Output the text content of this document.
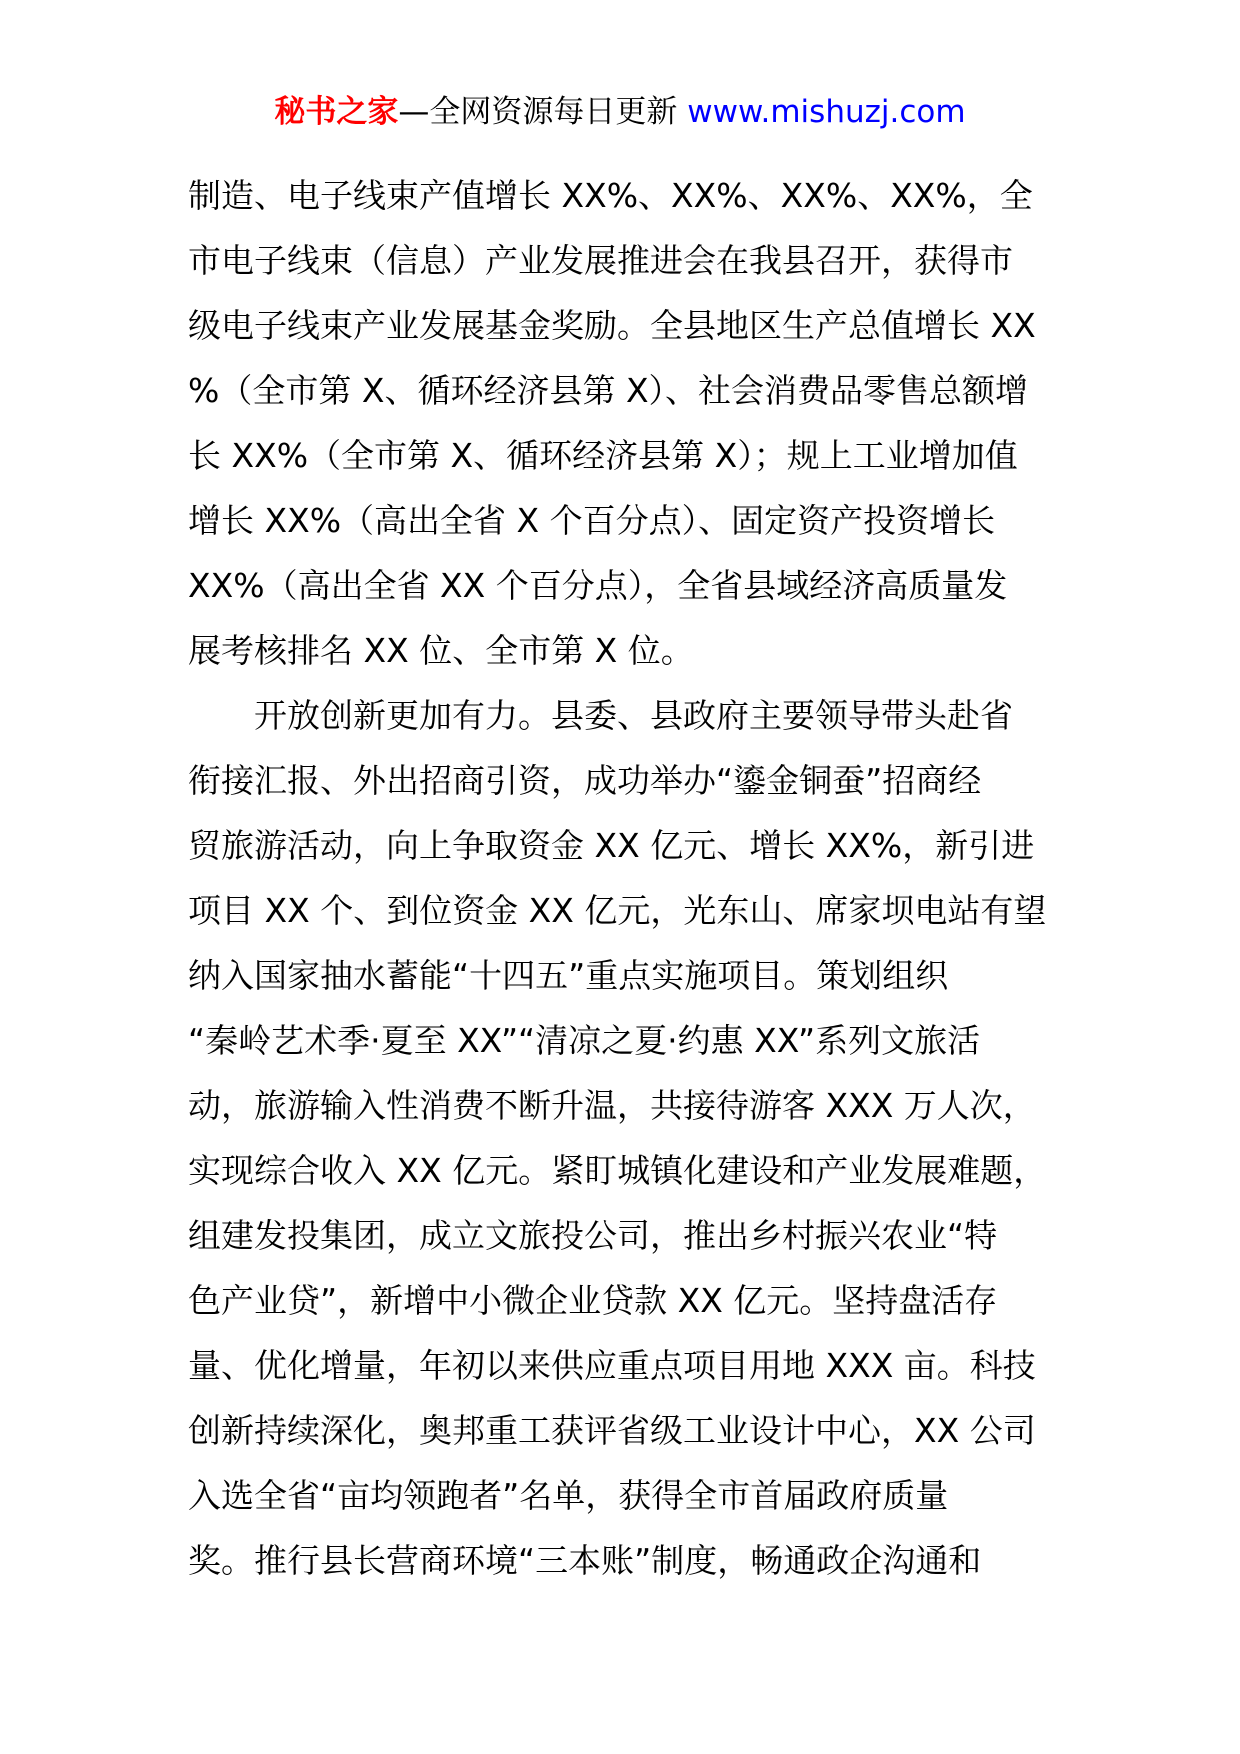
秘书之家—全网资源每日更新 www.mishuzj.com
制造、电子线束产值增长 XX%、XX%、XX%、XX%，全
市电子线束（信息）产业发展推进会在我县召开，获得市
级电子线束产业发展基金奖励。全县地区生产总值增长 XX
%（全市第 X、循环经济县第 X）、社会消费品零售总额增
长 XX%（全市第 X、循环经济县第 X）；规上工业增加值
增长 XX%（高出全省 X 个百分点）、固定资产投资增长
XX%（高出全省 XX 个百分点），全省县域经济高质量发
展考核排名 XX 位、全市第 X 位。
开放创新更加有力。县委、县政府主要领导带头赴省
衔接汇报、外出招商引资，成功举办“鎏金铜蚕”招商经
贸旅游活动，向上争取资金 XX 亿元、增长 XX%，新引进
项目 XX 个、到位资金 XX 亿元，光东山、席家坝电站有望
纳入国家抽水蓄能“十四五”重点实施项目。策划组织
“秦岭艺术季·夏至 XX”“清凉之夏·约惠 XX”系列文旅活
动，旅游输入性消费不断升温，共接待游客 XXX 万人次，
实现综合收入 XX 亿元。紧盯城镇化建设和产业发展难题，
组建发投集团，成立文旅投公司，推出乡村振兴农业“特
色产业贷”，新增中小微企业贷款 XX 亿元。坚持盘活存
量、优化增量，年初以来供应重点项目用地 XXX 亩。科技
创新持续深化，奥邦重工获评省级工业设计中心，XX 公司
入选全省“亩均领跑者”名单，获得全市首届政府质量
奖。推行县长营商环境“三本账”制度，畅通政企沟通和
